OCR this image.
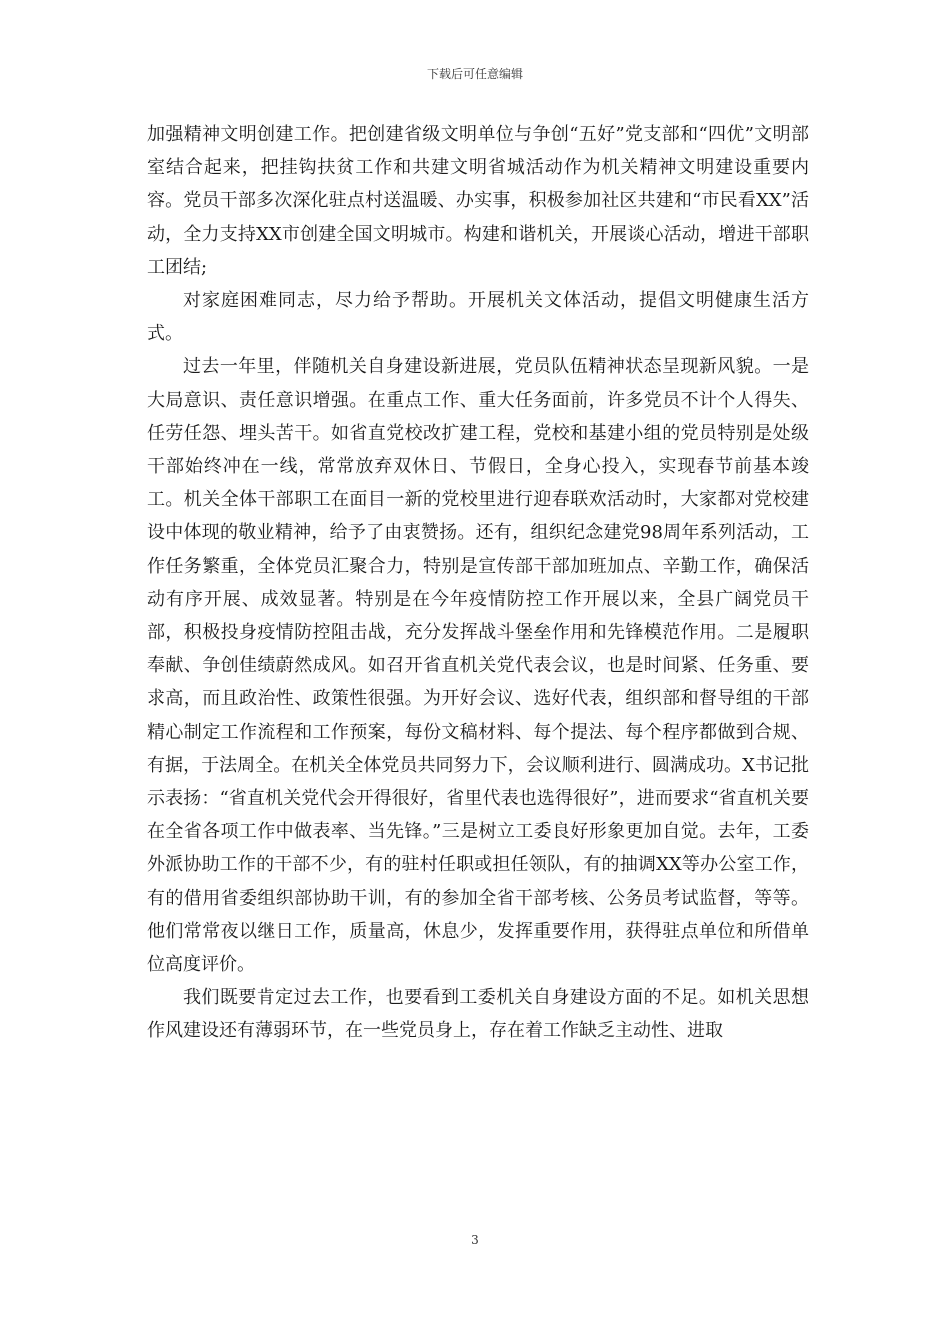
下载后可任意编辑

加强精神文明创建工作。把创建省级文明单位与争创“五好”党支部和“四优”文明部室结合起来，把挂钩扶贫工作和共建文明省城活动作为机关精神文明建设重要内容。党员干部多次深化驻点村送温暖、办实事，积极参加社区共建和“市民看XX”活动，全力支持XX市创建全国文明城市。构建和谐机关，开展谈心活动，增进干部职工团结;

对家庭困难同志，尽力给予帮助。开展机关文体活动，提倡文明健康生活方式。

过去一年里，伴随机关自身建设新进展，党员队伍精神状态呈现新风貌。一是大局意识、责任意识增强。在重点工作、重大任务面前，许多党员不计个人得失、任劳任怨、埋头苦干。如省直党校改扩建工程，党校和基建小组的党员特别是处级干部始终冲在一线，常常放弃双休日、节假日，全身心投入，实现春节前基本竣工。机关全体干部职工在面目一新的党校里进行迎春联欢活动时，大家都对党校建设中体现的敬业精神，给予了由衷赞扬。还有，组织纪念建党98周年系列活动，工作任务繁重，全体党员汇聚合力，特别是宣传部干部加班加点、辛勤工作，确保活动有序开展、成效显著。特别是在今年疫情防控工作开展以来，全县广阔党员干部，积极投身疫情防控阻击战，充分发挥战斗堡垒作用和先锋模范作用。二是履职奉献、争创佳绩蔚然成风。如召开省直机关党代表会议，也是时间紧、任务重、要求高，而且政治性、政策性很强。为开好会议、选好代表，组织部和督导组的干部精心制定工作流程和工作预案，每份文稿材料、每个提法、每个程序都做到合规、有据，于法周全。在机关全体党员共同努力下，会议顺利进行、圆满成功。X书记批示表扬：“省直机关党代会开得很好，省里代表也选得很好”，进而要求“省直机关要在全省各项工作中做表率、当先锋。”三是树立工委良好形象更加自觉。去年，工委外派协助工作的干部不少，有的驻村任职或担任领队，有的抽调XX等办公室工作，有的借用省委组织部协助干训，有的参加全省干部考核、公务员考试监督，等等。他们常常夜以继日工作，质量高，休息少，发挥重要作用，获得驻点单位和所借单位高度评价。

我们既要肯定过去工作，也要看到工委机关自身建设方面的不足。如机关思想作风建设还有薄弱环节，在一些党员身上，存在着工作缺乏主动性、进取

3
